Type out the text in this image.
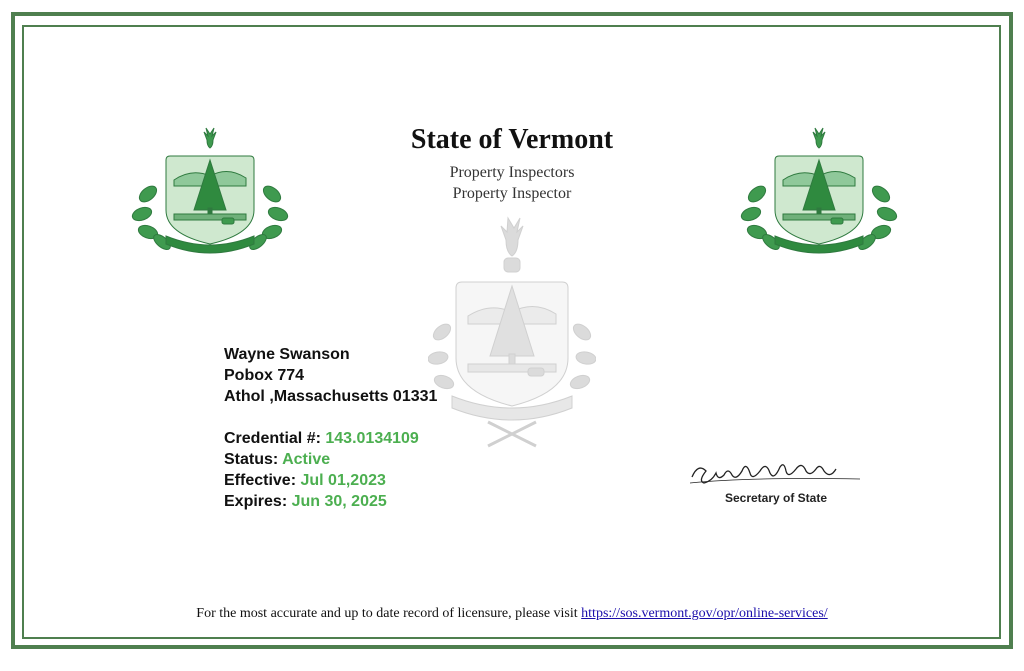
State of Vermont
Property Inspectors
Property Inspector
Wayne Swanson
Pobox 774
Athol ,Massachusetts 01331
Credential #: 143.0134109
Status: Active
Effective: Jul 01,2023
Expires: Jun 30, 2025	Secretary of State
For the most accurate and up to date record of licensure, please visit https://sos.vermont.gov/opr/online-services/
